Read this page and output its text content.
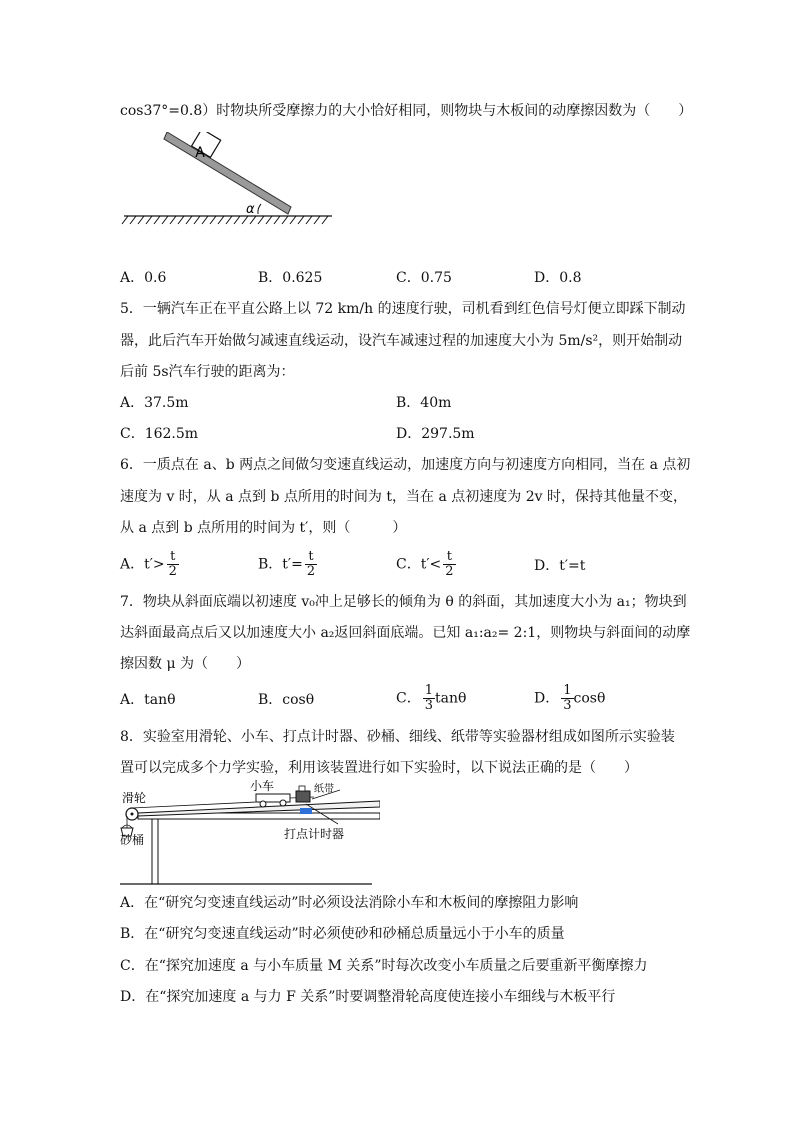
cos37°=0.8）时物块所受摩擦力的大小恰好相同，则物块与木板间的动摩擦因数为（　　）
A
α
A．0.6	B．0.625	C．0.75	D．0.8
5．一辆汽车正在平直公路上以 72 km/h 的速度行驶，司机看到红色信号灯便立即踩下制动
器，此后汽车开始做匀减速直线运动，设汽车减速过程的加速度大小为 5m/s²，则开始制动
后前 5s汽车行驶的距离为：
A．37.5m	B．40m
C．162.5m	D．297.5m
6．一质点在 a、b 两点之间做匀变速直线运动，加速度方向与初速度方向相同，当在 a 点初
速度为 v 时，从 a 点到 b 点所用的时间为 t，当在 a 点初速度为 2v 时，保持其他量不变，
从 a 点到 b 点所用的时间为 t′，则（　　　）
A．$t'> \frac{t}{2}$	B．$t'= \frac{t}{2}$	C．$t'< \frac{t}{2}$	D．t′=t
7．物块从斜面底端以初速度 v₀冲上足够长的倾角为 θ 的斜面，其加速度大小为 a₁；物块到
达斜面最高点后又以加速度大小 a₂返回斜面底端。已知 a₁:a₂= 2:1，则物块与斜面间的动摩
擦因数 μ 为（　　）
A．tanθ	B．cosθ	C． $\frac{1}{3}$ tanθ	D． $\frac{1}{3}$ cosθ
8．实验室用滑轮、小车、打点计时器、砂桶、细线、纸带等实验器材组成如图所示实验装
置可以完成多个力学实验，利用该装置进行如下实验时，以下说法正确的是（　　）
滑轮
小车	纸带
砂桶	打点计时器
A．在“研究匀变速直线运动”时必须设法消除小车和木板间的摩擦阻力影响
B．在“研究匀变速直线运动”时必须使砂和砂桶总质量远小于小车的质量
C．在“探究加速度 a 与小车质量 M 关系”时每次改变小车质量之后要重新平衡摩擦力
D．在“探究加速度 a 与力 F 关系”时要调整滑轮高度使连接小车细线与木板平行
